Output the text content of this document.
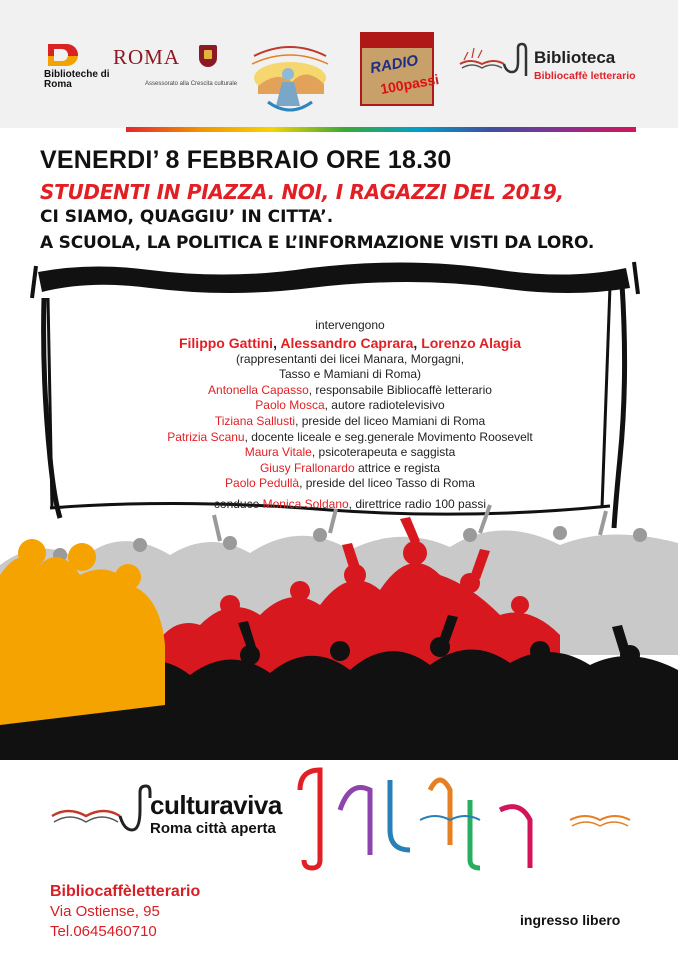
Biblioteche di Roma
ROMA
Assessorato alla Crescita culturale
RADIO
100passi
Biblioteca
Bibliocaffè letterario
VENERDI’ 8 FEBBRAIO ORE 18.30
STUDENTI IN PIAZZA. NOI, I RAGAZZI DEL 2019,
CI SIAMO, QUAGGIU’ IN CITTA’.
A SCUOLA, LA POLITICA E L’INFORMAZIONE VISTI DA LORO.
intervengono
Filippo Gattini, Alessandro Caprara, Lorenzo Alagia
(rappresentanti dei licei Manara, Morgagni,
Tasso e Mamiani di Roma)
Antonella Capasso, responsabile Bibliocaffè letterario
Paolo Mosca, autore radiotelevisivo
Tiziana Sallusti, preside del liceo Mamiani di Roma
Patrizia Scanu, docente liceale e seg.generale Movimento Roosevelt
Maura Vitale, psicoterapeuta e saggista
Giusy Frallonardo attrice e regista
Paolo Pedullà, preside del liceo Tasso di Roma
conduce Monica Soldano, direttrice radio 100 passi
culturaviva
Roma città aperta
Bibliocaffèletterario
Via Ostiense, 95
Tel.0645460710
ingresso libero
